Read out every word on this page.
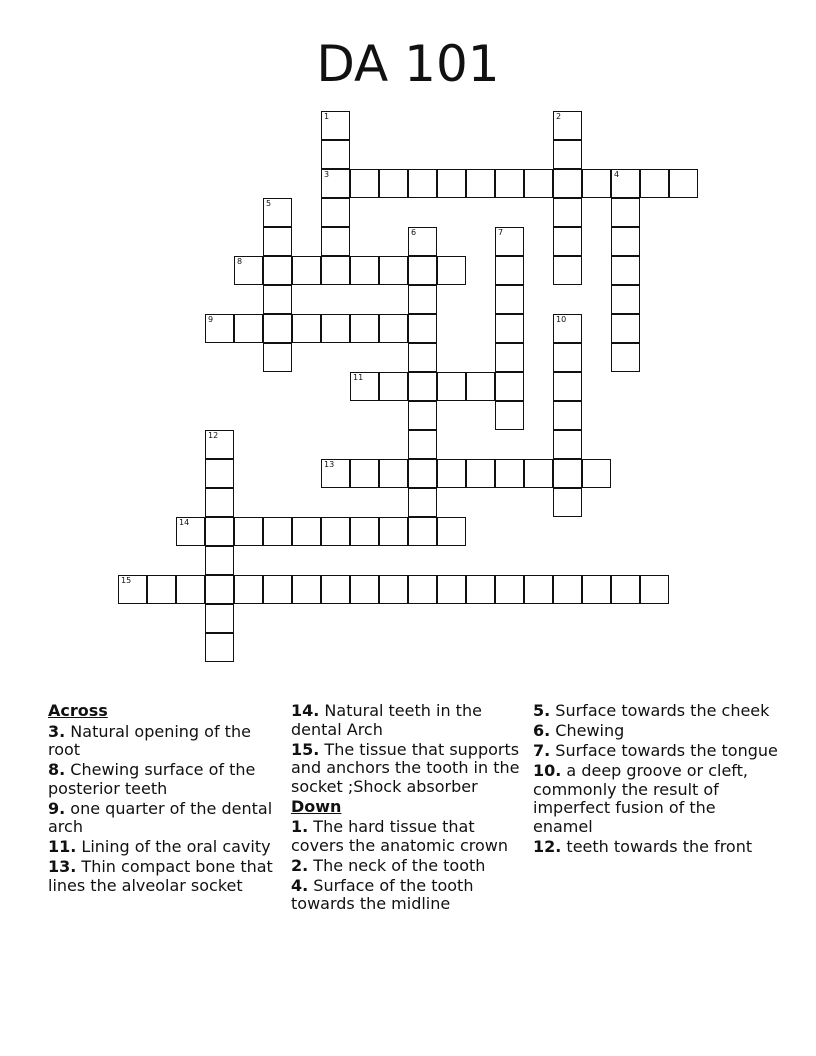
DA 101
1
3
2
4
5
6	7
8
9	10
11
12
13
14
15
Across
3. Natural opening of the root
8. Chewing surface of the posterior teeth
9. one quarter of the dental arch
11. Lining of the oral cavity
13. Thin compact bone that lines the alveolar socket
14. Natural teeth in the dental Arch
15. The tissue that supports and anchors the tooth in the socket ;Shock absorber
Down
1. The hard tissue that covers the anatomic crown
2. The neck of the tooth
4. Surface of the tooth towards the midline
5. Surface towards the cheek
6. Chewing
7. Surface towards the tongue
10. a deep groove or cleft, commonly the result of imperfect fusion of the enamel
12. teeth towards the front
